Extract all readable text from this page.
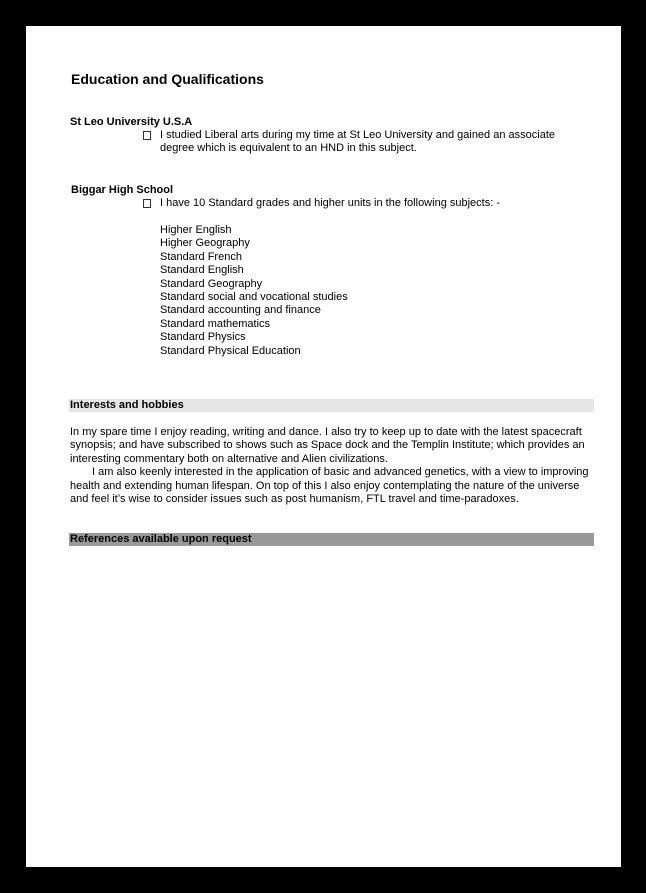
Education and Qualifications
St Leo University U.S.A
I studied Liberal arts during my time at St Leo University and gained an associate
degree which is equivalent to an HND in this subject.
Biggar High School
I have 10 Standard grades and higher units in the following subjects: -
Higher English
Higher Geography
Standard French
Standard English
Standard Geography
Standard social and vocational studies
Standard accounting and finance
Standard mathematics
Standard Physics
Standard Physical Education
Interests and hobbies

In my spare time I enjoy reading, writing and dance. I also try to keep up to date with the latest spacecraft synopsis; and have subscribed to shows such as Space dock and the Templin Institute; which provides an interesting commentary both on alternative and Alien civilizations.

I am also keenly interested in the application of basic and advanced genetics, with a view to improving health and extending human lifespan. On top of this I also enjoy contemplating the nature of the universe and feel it’s wise to consider issues such as post humanism, FTL travel and time-paradoxes.

References available upon request
